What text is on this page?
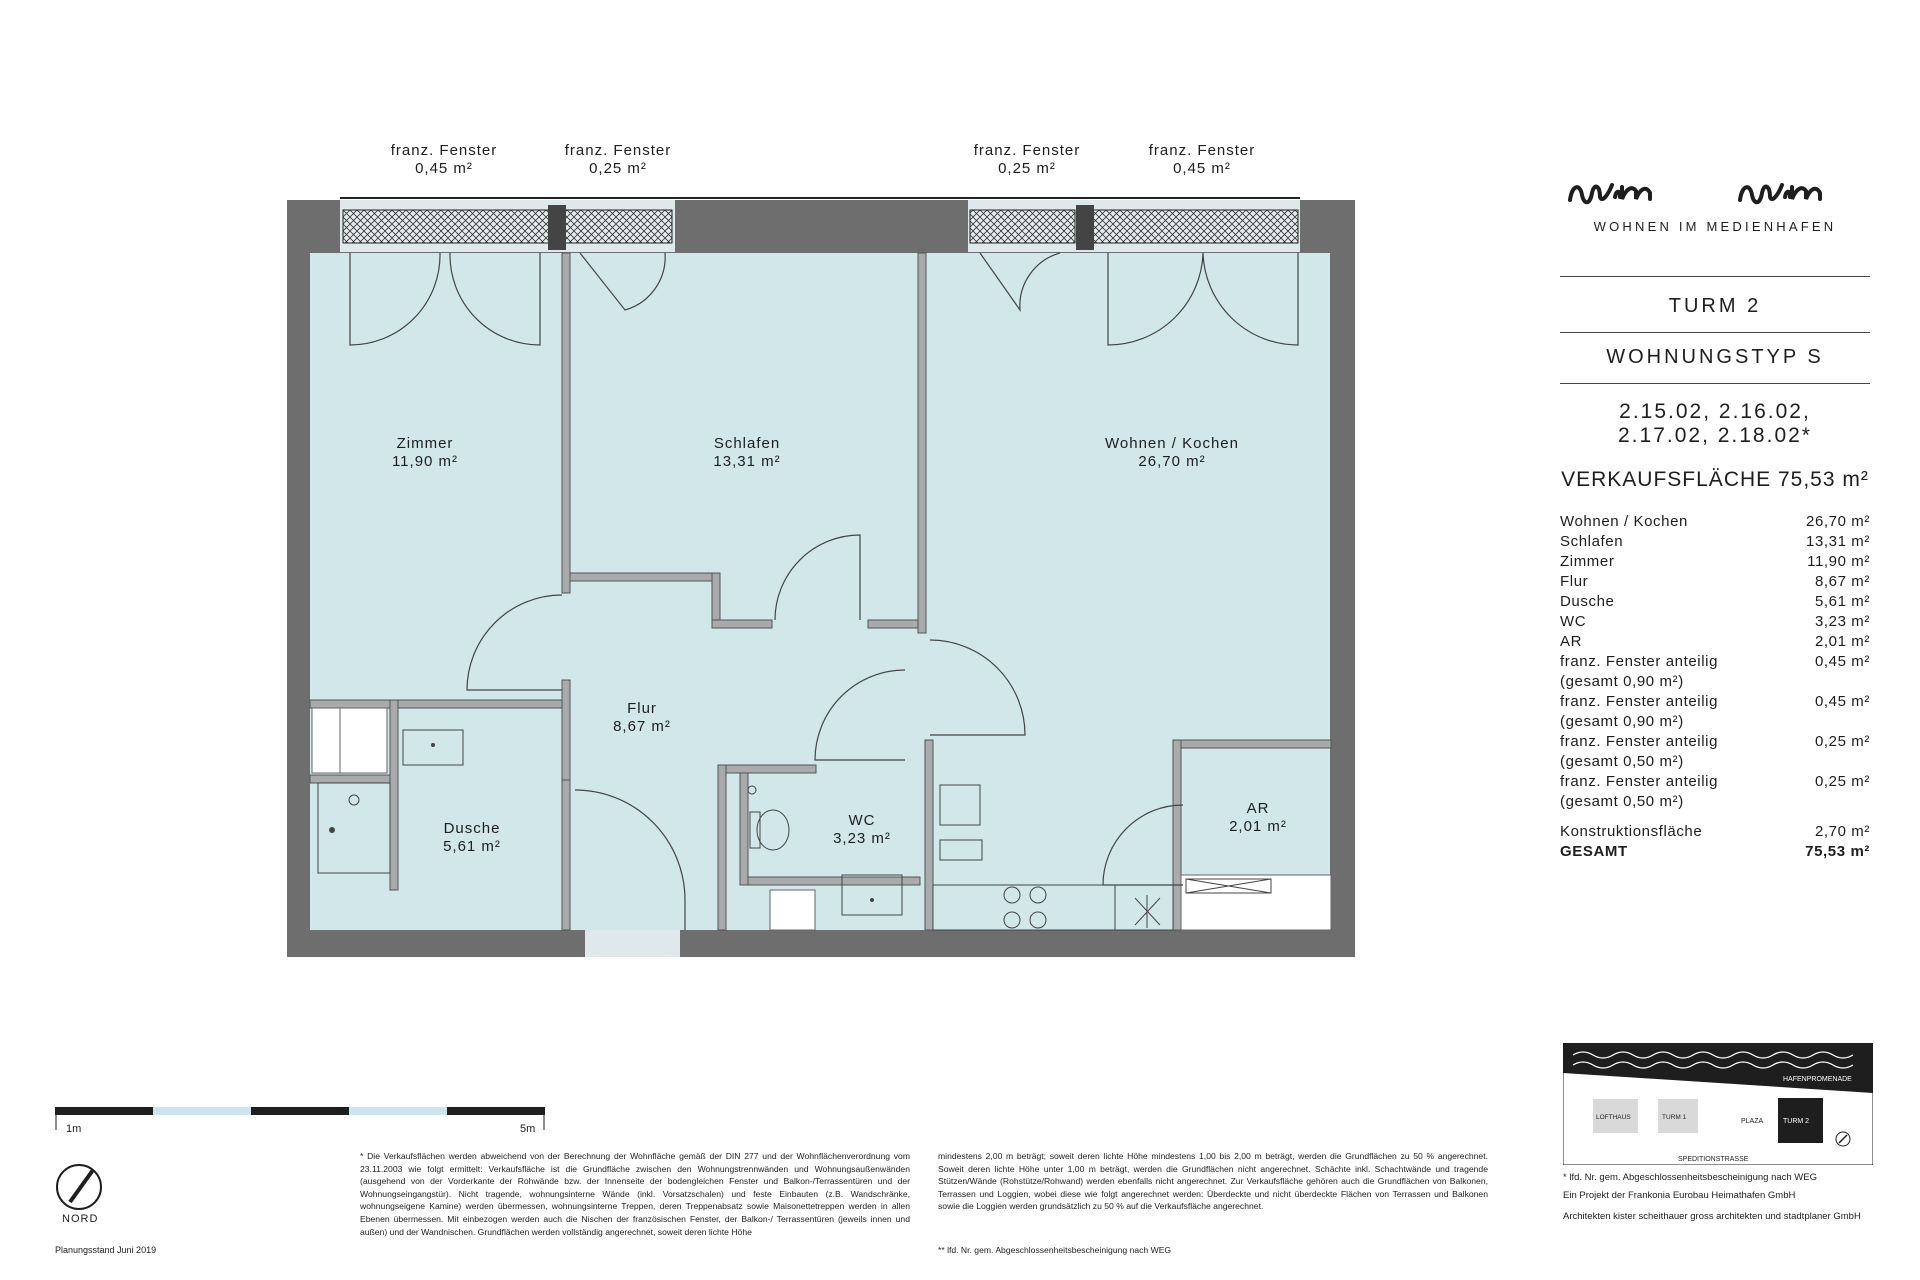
franz. Fenster
0,45 m²
franz. Fenster
0,25 m²
franz. Fenster
0,25 m²
franz. Fenster
0,45 m²
Zimmer
11,90 m²
Schlafen
13,31 m²
Wohnen / Kochen
26,70 m²
Flur
8,67 m²
Dusche
5,61 m²
WC
3,23 m²
AR
2,01 m²
1m	5m
NORD
Planungsstand Juni 2019
* Die Verkaufsflächen werden abweichend von der Berechnung der Wohnfläche gemäß der DIN 277 und der Wohnflächenverordnung vom 23.11.2003 wie folgt ermittelt: Verkaufsfläche ist die Grundfläche zwischen den Wohnungstrennwänden und Wohnungsaußenwänden (ausgehend von der Vorderkante der Rohwände bzw. der Innenseite der bodengleichen Fenster und Balkon-/Terrassentüren und der Wohnungseingangstür). Nicht tragende, wohnungsinterne Wände (inkl. Vorsatzschalen) und feste Einbauten (z.B. Wandschränke, wohnungseigene Kamine) werden übermessen, wohnungsinterne Treppen, deren Treppenabsatz sowie Maisonettetreppen werden in allen Ebenen übermessen. Mit einbezogen werden auch die Nischen der französischen Fenster, der Balkon-/ Terrassentüren (jeweils innen und außen) und der Wandnischen. Grundflächen werden vollständig angerechnet, soweit deren lichte Höhe
mindestens 2,00 m beträgt; soweit deren lichte Höhe mindestens 1,00 bis 2,00 m beträgt, werden die Grundflächen zu 50 % angerechnet. Soweit deren lichte Höhe unter 1,00 m beträgt, werden die Grundflächen nicht angerechnet. Schächte inkl. Schachtwände und tragende Stützen/Wände (Rohstütze/Rohwand) werden ebenfalls nicht angerechnet. Zur Verkaufsfläche gehören auch die Grundflächen von Balkonen, Terrassen und Loggien, wobei diese wie folgt angerechnet werden: Überdeckte und nicht überdeckte Flächen von Terrassen und Balkonen sowie die Loggien werden grundsätzlich zu 50 % auf die Verkaufsfläche angerechnet.
** lfd. Nr. gem. Abgeschlossenheitsbescheinigung nach WEG
win win
WOHNEN IM MEDIENHAFEN
TURM 2
WOHNUNGSTYP S
2.15.02, 2.16.02,
2.17.02, 2.18.02*
VERKAUFSFLÄCHE 75,53 m²
Wohnen / Kochen	26,70 m²

Schlafen	13,31 m²

Zimmer	11,90 m²

Flur	8,67 m²

Dusche	5,61 m²

WC	3,23 m²

AR	2,01 m²

franz. Fenster anteilig
(gesamt 0,90 m²)	0,45 m²

franz. Fenster anteilig
(gesamt 0,90 m²)	0,45 m²

franz. Fenster anteilig
(gesamt 0,50 m²)	0,25 m²

franz. Fenster anteilig
(gesamt 0,50 m²)	0,25 m²
Konstruktionsfläche	2,70 m²
GESAMT	75,53 m²
HAFENPROMENADE
LOFTHAUS	TURM 1
PLAZA	TURM 2
SPEDITIONSTRASSE
* lfd. Nr. gem. Abgeschlossenheitsbescheinigung nach WEG
Ein Projekt der Frankonia Eurobau Heimathafen GmbH
Architekten kister scheithauer gross architekten und stadtplaner GmbH
